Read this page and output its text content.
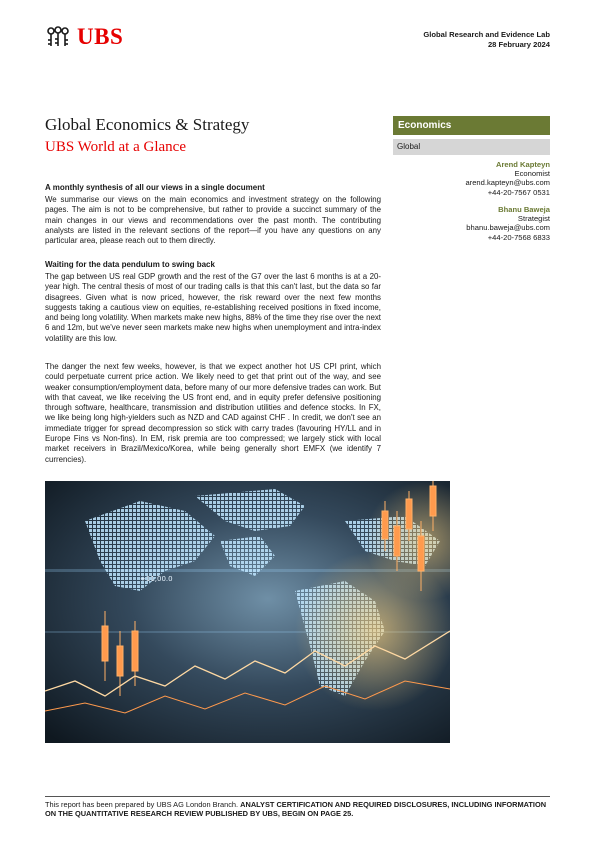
UBS	Global Research and Evidence Lab
28 February 2024
Global Economics & Strategy
UBS World at a Glance
Economics
Global
Arend Kapteyn
Economist
arend.kapteyn@ubs.com
+44-20-7567 0531
Bhanu Baweja
Strategist
bhanu.baweja@ubs.com
+44-20-7568 6833
A monthly synthesis of all our views in a single document
We summarise our views on the main economics and investment strategy on the following pages. The aim is not to be comprehensive, but rather to provide a succinct summary of the main changes in our views and recommendations over the past month. The contributing analysts are listed in the relevant sections of the report—if you have any questions on any particular area, please reach out to them directly.
Waiting for the data pendulum to swing back
The gap between US real GDP growth and the rest of the G7 over the last 6 months is at a 20-year high. The central thesis of most of our trading calls is that this can't last, but the data so far disagrees. Given what is now priced, however, the risk reward over the next few months suggests taking a cautious view on equities, re-establishing received positions in fixed income, and being long volatility. When markets make new highs, 88% of the time they rise over the next 6 and 12m, but we've never seen markets make new highs when unemployment and intra-index volatility are this low.
The danger the next few weeks, however, is that we expect another hot US CPI print, which could perpetuate current price action. We likely need to get that print out of the way, and see weaker consumption/employment data, before many of our more defensive trades can work. But with that caveat, we like receiving the US front end, and in equity prefer defensive positioning through software, healthcare, transmission and distribution utilities and defence stocks. In FX, we like being long high-yielders such as NZD and CAD against CHF . In credit, we don't see an immediate trigger for spread decompression so stick with carry trades (favouring HY/LL and in Europe Fins vs Non-fins). In EM, risk premia are too compressed; we largely stick with local market receivers in Brazil/Mexico/Korea, while being generally short EMFX (we identify 7 currencies).
+11,00.0
This report has been prepared by UBS AG London Branch. ANALYST CERTIFICATION AND REQUIRED DISCLOSURES, INCLUDING INFORMATION ON THE QUANTITATIVE RESEARCH REVIEW PUBLISHED BY UBS, BEGIN ON PAGE 25.
